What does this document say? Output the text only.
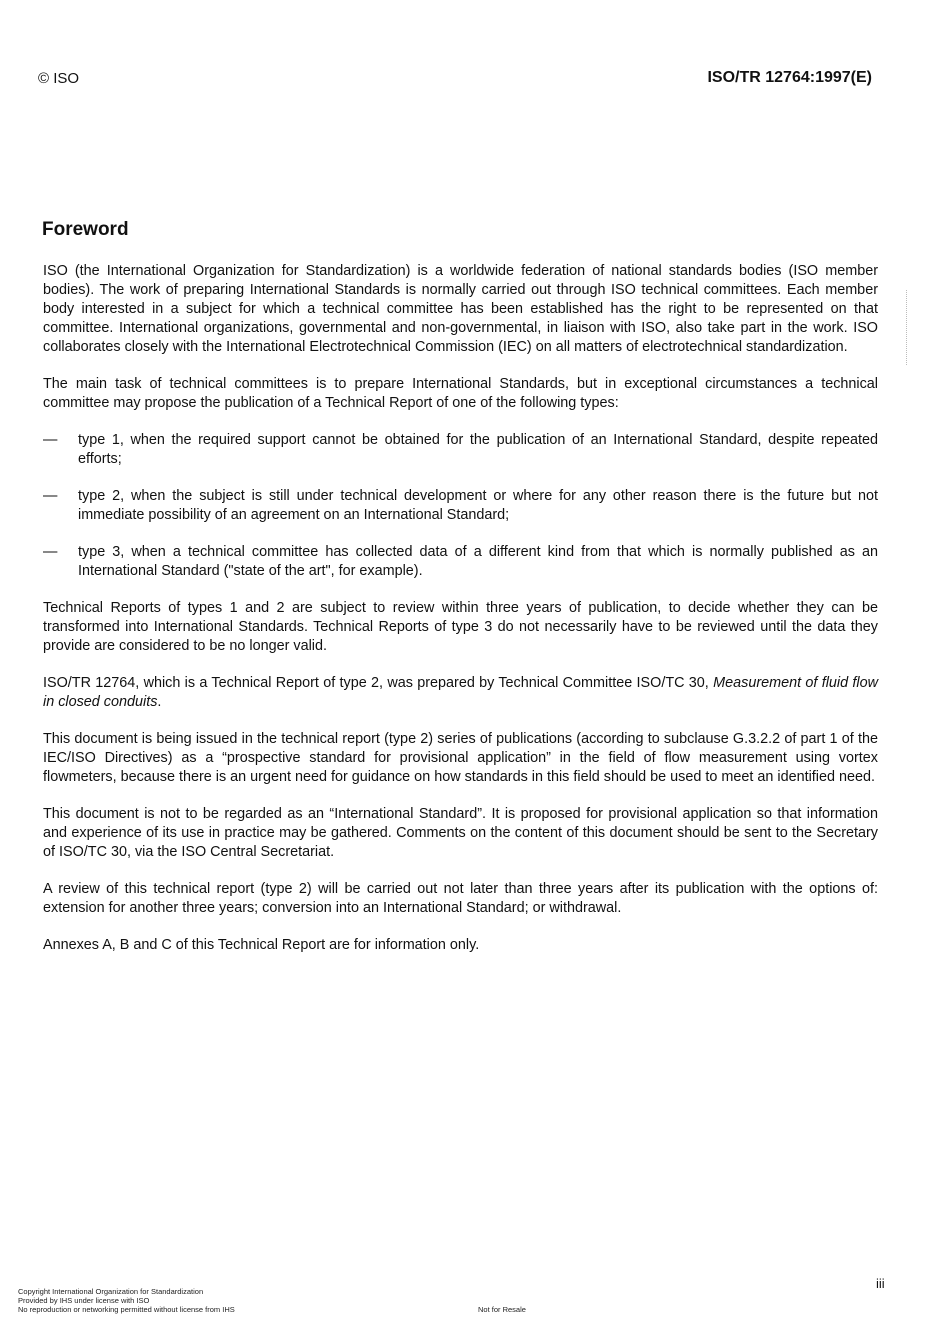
© ISO	ISO/TR 12764:1997(E)
Foreword

ISO (the International Organization for Standardization) is a worldwide federation of national standards bodies (ISO member bodies). The work of preparing International Standards is normally carried out through ISO technical committees. Each member body interested in a subject for which a technical committee has been established has the right to be represented on that committee. International organizations, governmental and non-governmental, in liaison with ISO, also take part in the work. ISO collaborates closely with the International Electrotechnical Commission (IEC) on all matters of electrotechnical standardization.

The main task of technical committees is to prepare International Standards, but in exceptional circumstances a technical committee may propose the publication of a Technical Report of one of the following types:

—	type 1, when the required support cannot be obtained for the publication of an International Standard, despite repeated efforts;
—	type 2, when the subject is still under technical development or where for any other reason there is the future but not immediate possibility of an agreement on an International Standard;
—	type 3, when a technical committee has collected data of a different kind from that which is normally published as an International Standard ("state of the art", for example).

Technical Reports of types 1 and 2 are subject to review within three years of publication, to decide whether they can be transformed into International Standards. Technical Reports of type 3 do not necessarily have to be reviewed until the data they provide are considered to be no longer valid.

ISO/TR 12764, which is a Technical Report of type 2, was prepared by Technical Committee ISO/TC 30, Measurement of fluid flow in closed conduits.

This document is being issued in the technical report (type 2) series of publications (according to subclause G.3.2.2 of part 1 of the IEC/ISO Directives) as a “prospective standard for provisional application” in the field of flow measurement using vortex flowmeters, because there is an urgent need for guidance on how standards in this field should be used to meet an identified need.

This document is not to be regarded as an “International Standard”. It is proposed for provisional application so that information and experience of its use in practice may be gathered. Comments on the content of this document should be sent to the Secretary of ISO/TC 30, via the ISO Central Secretariat.

A review of this technical report (type 2) will be carried out not later than three years after its publication with the options of: extension for another three years; conversion into an International Standard; or withdrawal.

Annexes A, B and C of this Technical Report are for information only.

iii
Copyright International Organization for Standardization
Provided by IHS under license with ISO
No reproduction or networking permitted without license from IHS	Not for Resale
